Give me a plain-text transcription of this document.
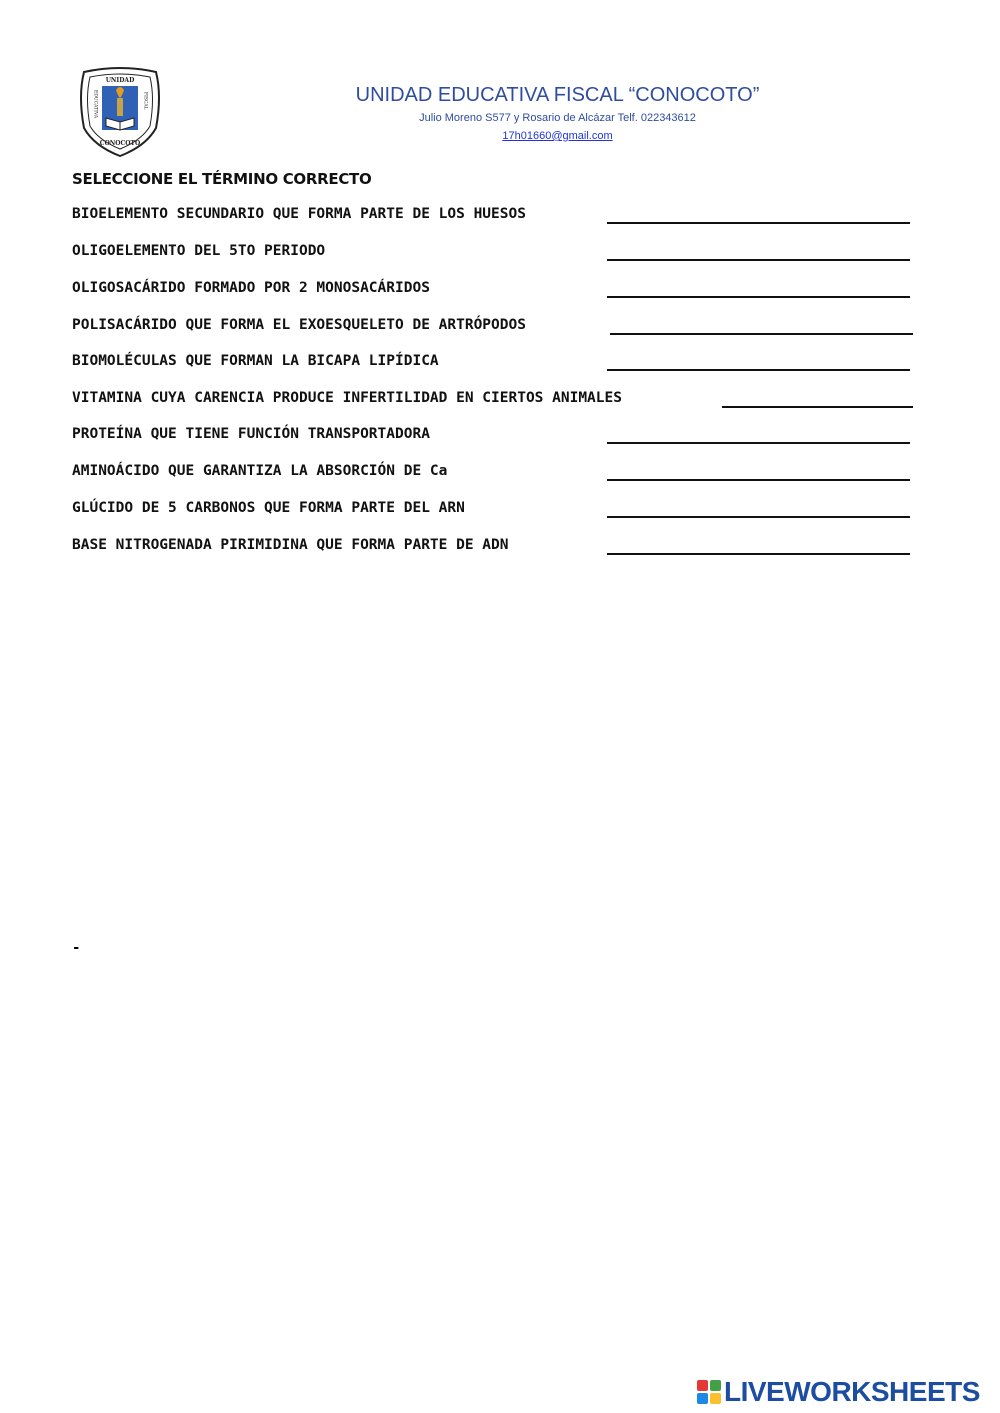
UNIDAD
CONOCOTO
EDUCATIVA	FISCAL	UNIDAD EDUCATIVA FISCAL “CONOCOTO”
Julio Moreno S577 y Rosario de Alcázar Telf. 022343612
17h01660@gmail.com
SELECCIONE EL TÉRMINO CORRECTO
BIOELEMENTO SECUNDARIO QUE FORMA PARTE DE LOS HUESOS
OLIGOELEMENTO DEL 5TO PERIODO
OLIGOSACÁRIDO FORMADO POR 2 MONOSACÁRIDOS
POLISACÁRIDO QUE FORMA EL EXOESQUELETO DE ARTRÓPODOS
BIOMOLÉCULAS QUE FORMAN LA BICAPA LIPÍDICA
VITAMINA CUYA CARENCIA PRODUCE INFERTILIDAD EN CIERTOS ANIMALES
PROTEÍNA QUE TIENE FUNCIÓN TRANSPORTADORA
AMINOÁCIDO QUE GARANTIZA LA ABSORCIÓN DE Ca
GLÚCIDO DE 5 CARBONOS QUE FORMA PARTE DEL ARN
BASE NITROGENADA PIRIMIDINA QUE FORMA PARTE DE ADN
-
LIVEWORKSHEETS
